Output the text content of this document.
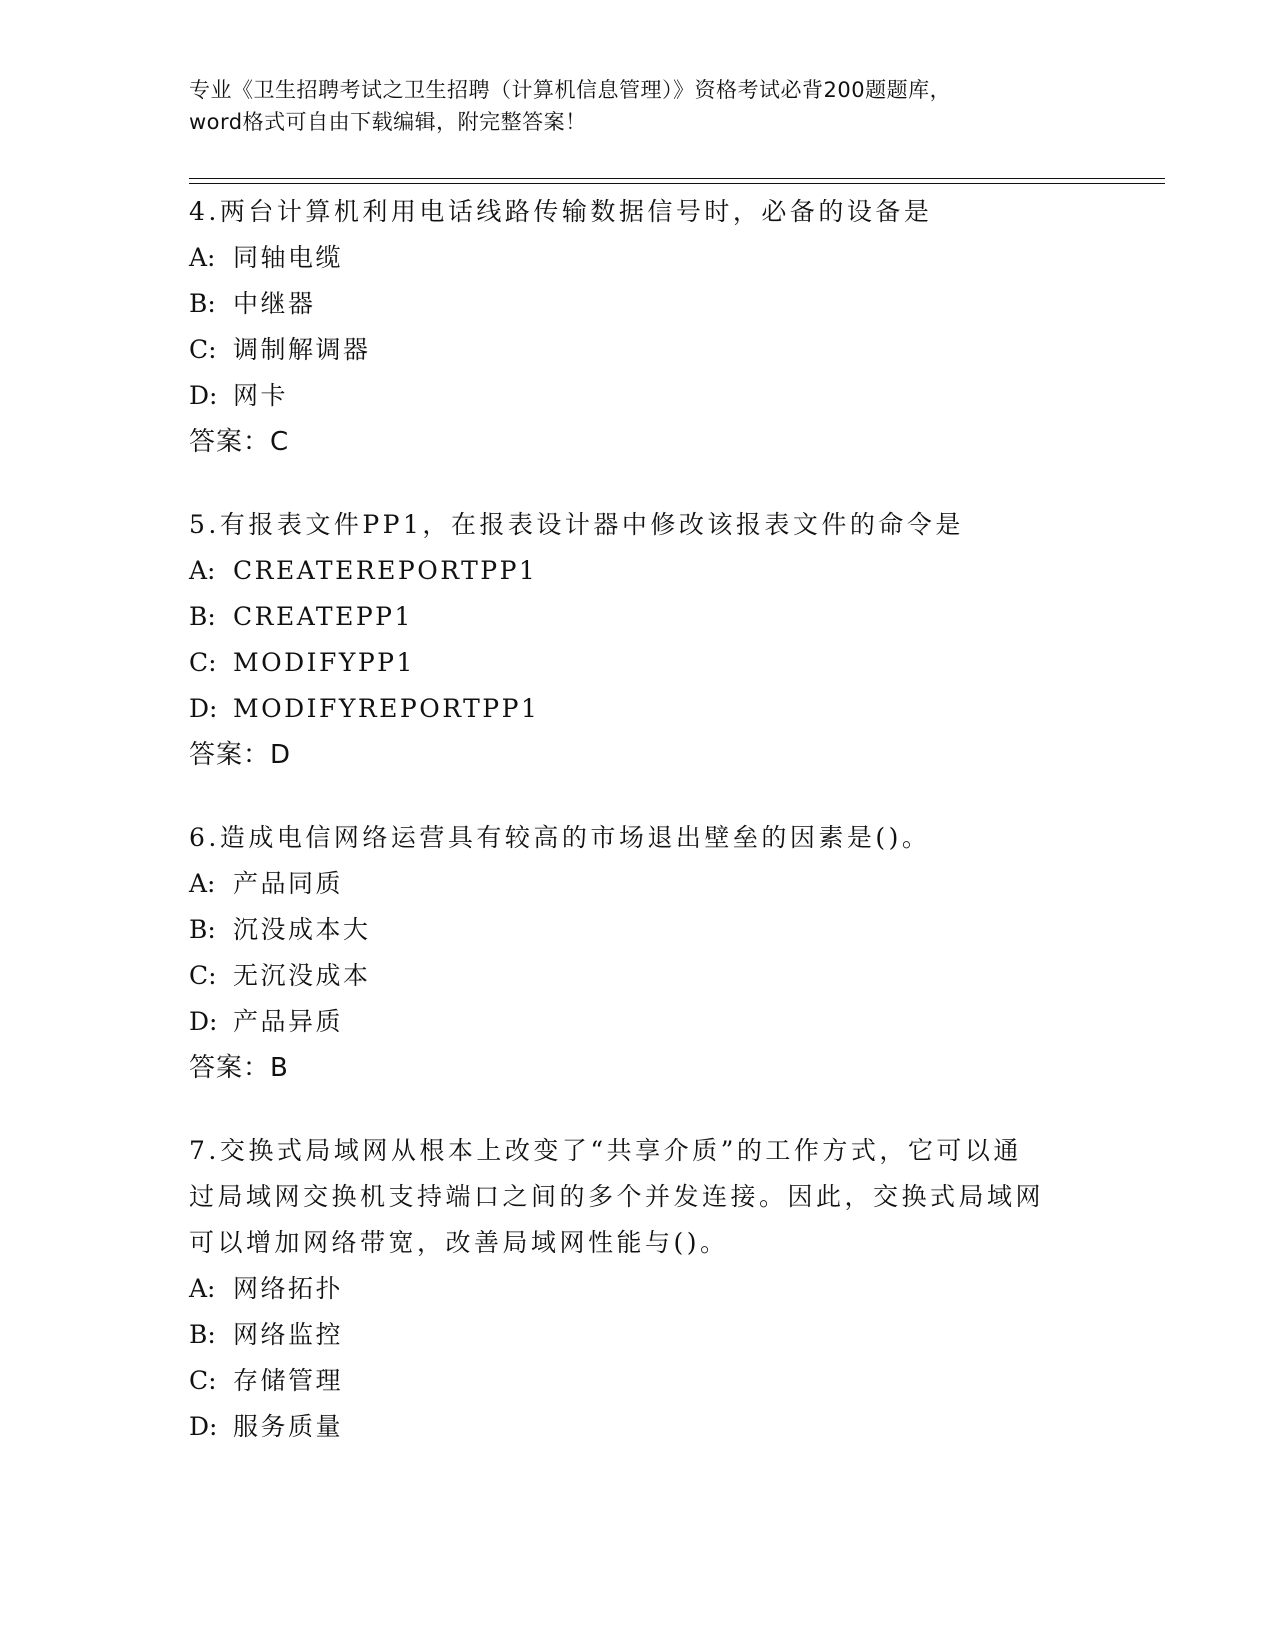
专业《卫生招聘考试之卫生招聘（计算机信息管理）》资格考试必背200题题库，
word格式可自由下载编辑，附完整答案！
4.两台计算机利用电话线路传输数据信号时，必备的设备是
A: 同轴电缆
B: 中继器
C: 调制解调器
D: 网卡
答案：C
5.有报表文件PP1，在报表设计器中修改该报表文件的命令是
A: CREATEREPORTPP1
B: CREATEPP1
C: MODIFYPP1
D: MODIFYREPORTPP1
答案：D
6.造成电信网络运营具有较高的市场退出壁垒的因素是()。
A: 产品同质
B: 沉没成本大
C: 无沉没成本
D: 产品异质
答案：B
7.交换式局域网从根本上改变了“共享介质”的工作方式，它可以通
过局域网交换机支持端口之间的多个并发连接。因此，交换式局域网
可以增加网络带宽，改善局域网性能与()。
A: 网络拓扑
B: 网络监控
C: 存储管理
D: 服务质量
